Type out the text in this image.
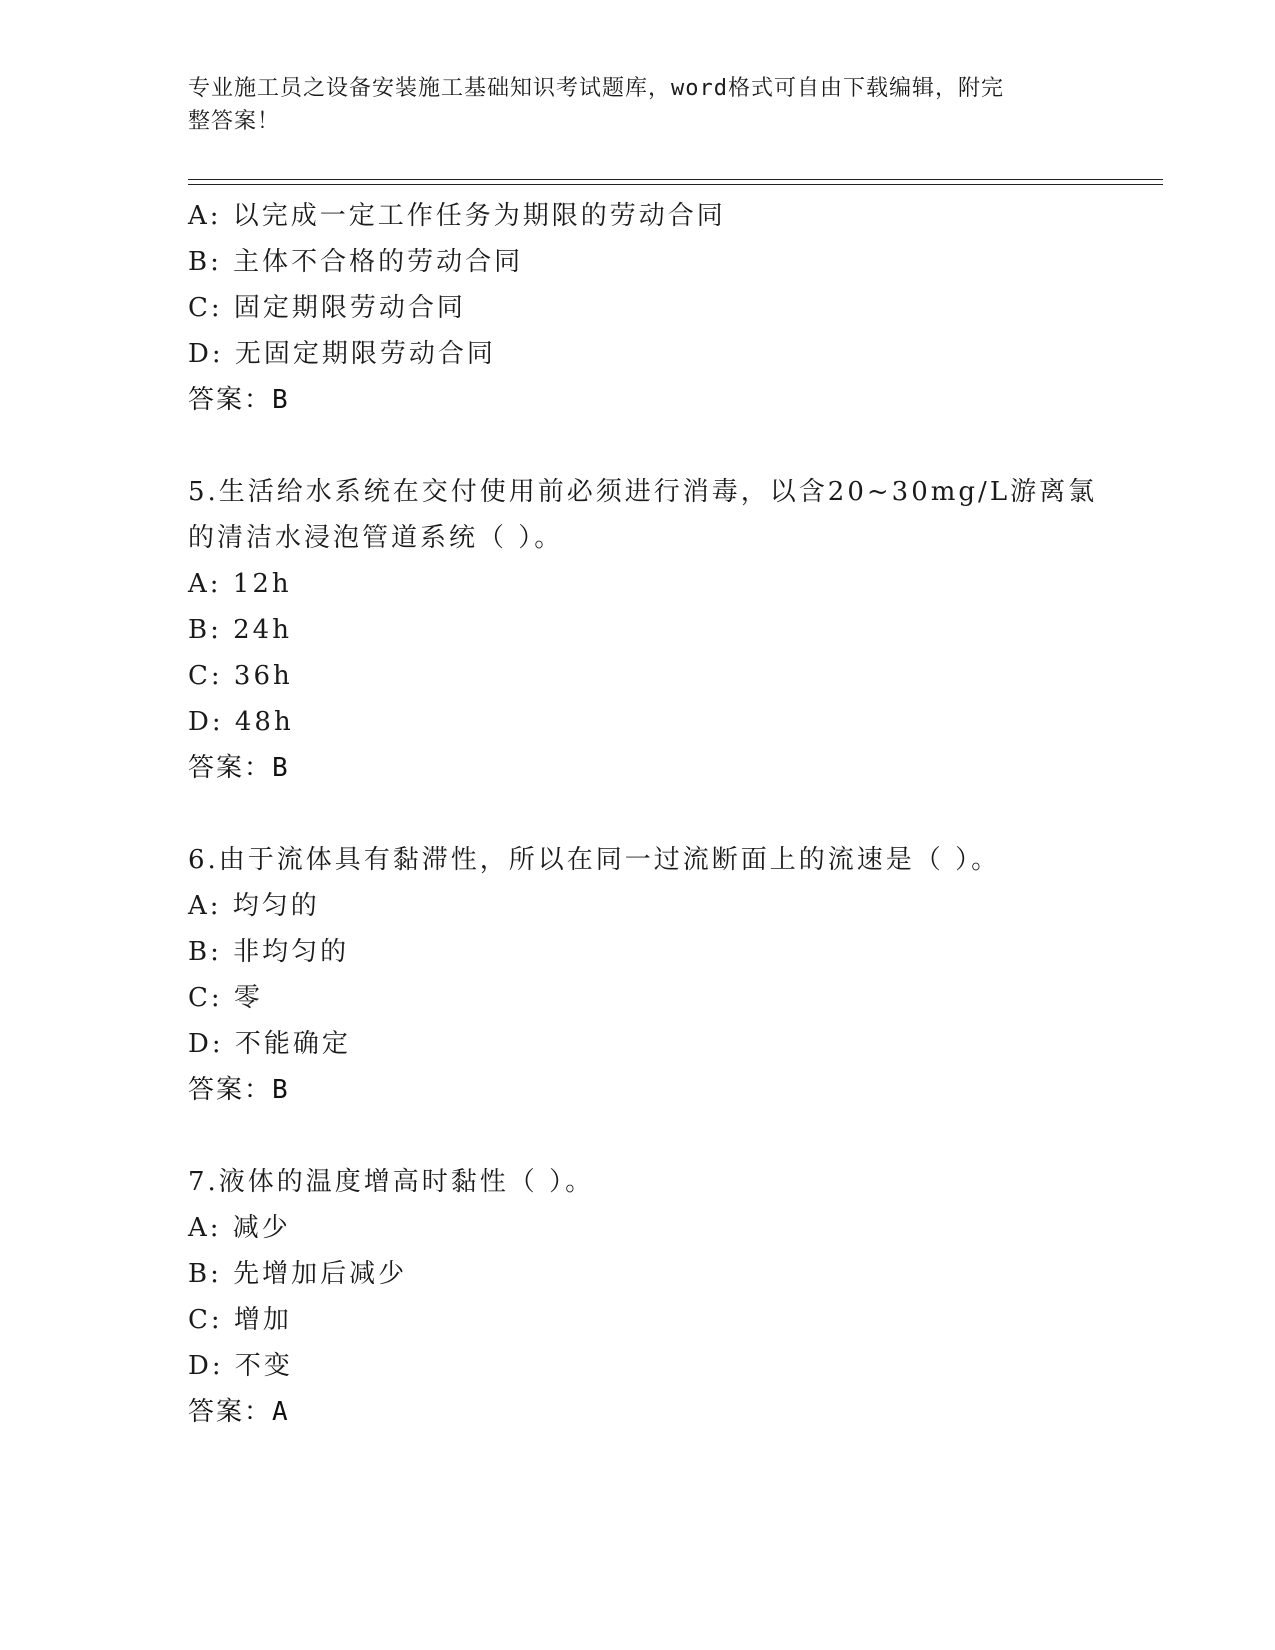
专业施工员之设备安装施工基础知识考试题库，word格式可自由下载编辑，附完
整答案！
A: 以完成一定工作任务为期限的劳动合同
B: 主体不合格的劳动合同
C: 固定期限劳动合同
D: 无固定期限劳动合同
答案：B
5.生活给水系统在交付使用前必须进行消毒，以含20~30mg/L游离氯
的清洁水浸泡管道系统（ ）。
A: 12h
B: 24h
C: 36h
D: 48h
答案：B
6.由于流体具有黏滞性，所以在同一过流断面上的流速是（ ）。
A: 均匀的
B: 非均匀的
C: 零
D: 不能确定
答案：B
7.液体的温度增高时黏性（ ）。
A: 减少
B: 先增加后减少
C: 增加
D: 不变
答案：A
